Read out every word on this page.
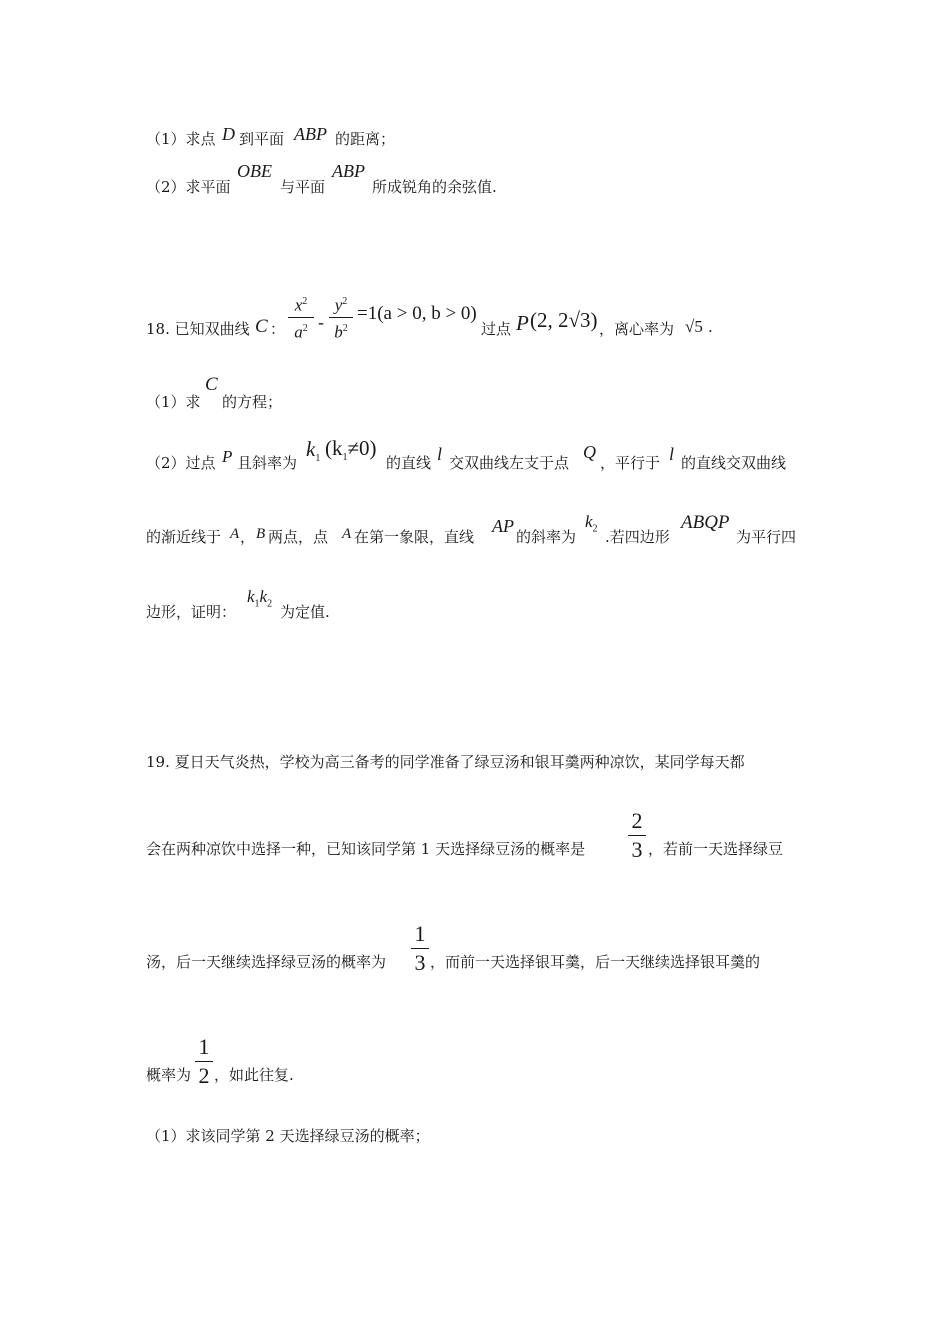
（1）求点 D 到平面 ABP 的距离；
（2）求平面
OBE
与平面
ABP
所成锐角的余弦值.
18. 已知双曲线 C ：
$x^2$
$a^2$ -
$y^2$
$b^2$
=1(a > 0, b > 0)
过点 P (2, 2√3) ，离心率为 √5 .
（1）求
C
的方程；
（2）过点 P 且斜率为
$k_1$ $(k_1\ne 0)$
的直线 l 交双曲线左支于点
Q
，平行于 l 的直线交双曲线
的渐近线于 A ， B 两点，点 A 在第一象限，直线
AP
的斜率为
$k_2$ .若四边形
ABQP
为平行四
边形，证明：
$k_1k_2$ 为定值.
19. 夏日天气炎热，学校为高三备考的同学准备了绿豆汤和银耳羹两种凉饮，某同学每天都
会在两种凉饮中选择一种，已知该同学第 1 天选择绿豆汤的概率是
2
3 ，若前一天选择绿豆
汤，后一天继续选择绿豆汤的概率为
1
3 ，而前一天选择银耳羹，后一天继续选择银耳羹的
概率为
1
2 ，如此往复.
（1）求该同学第 2 天选择绿豆汤的概率；
